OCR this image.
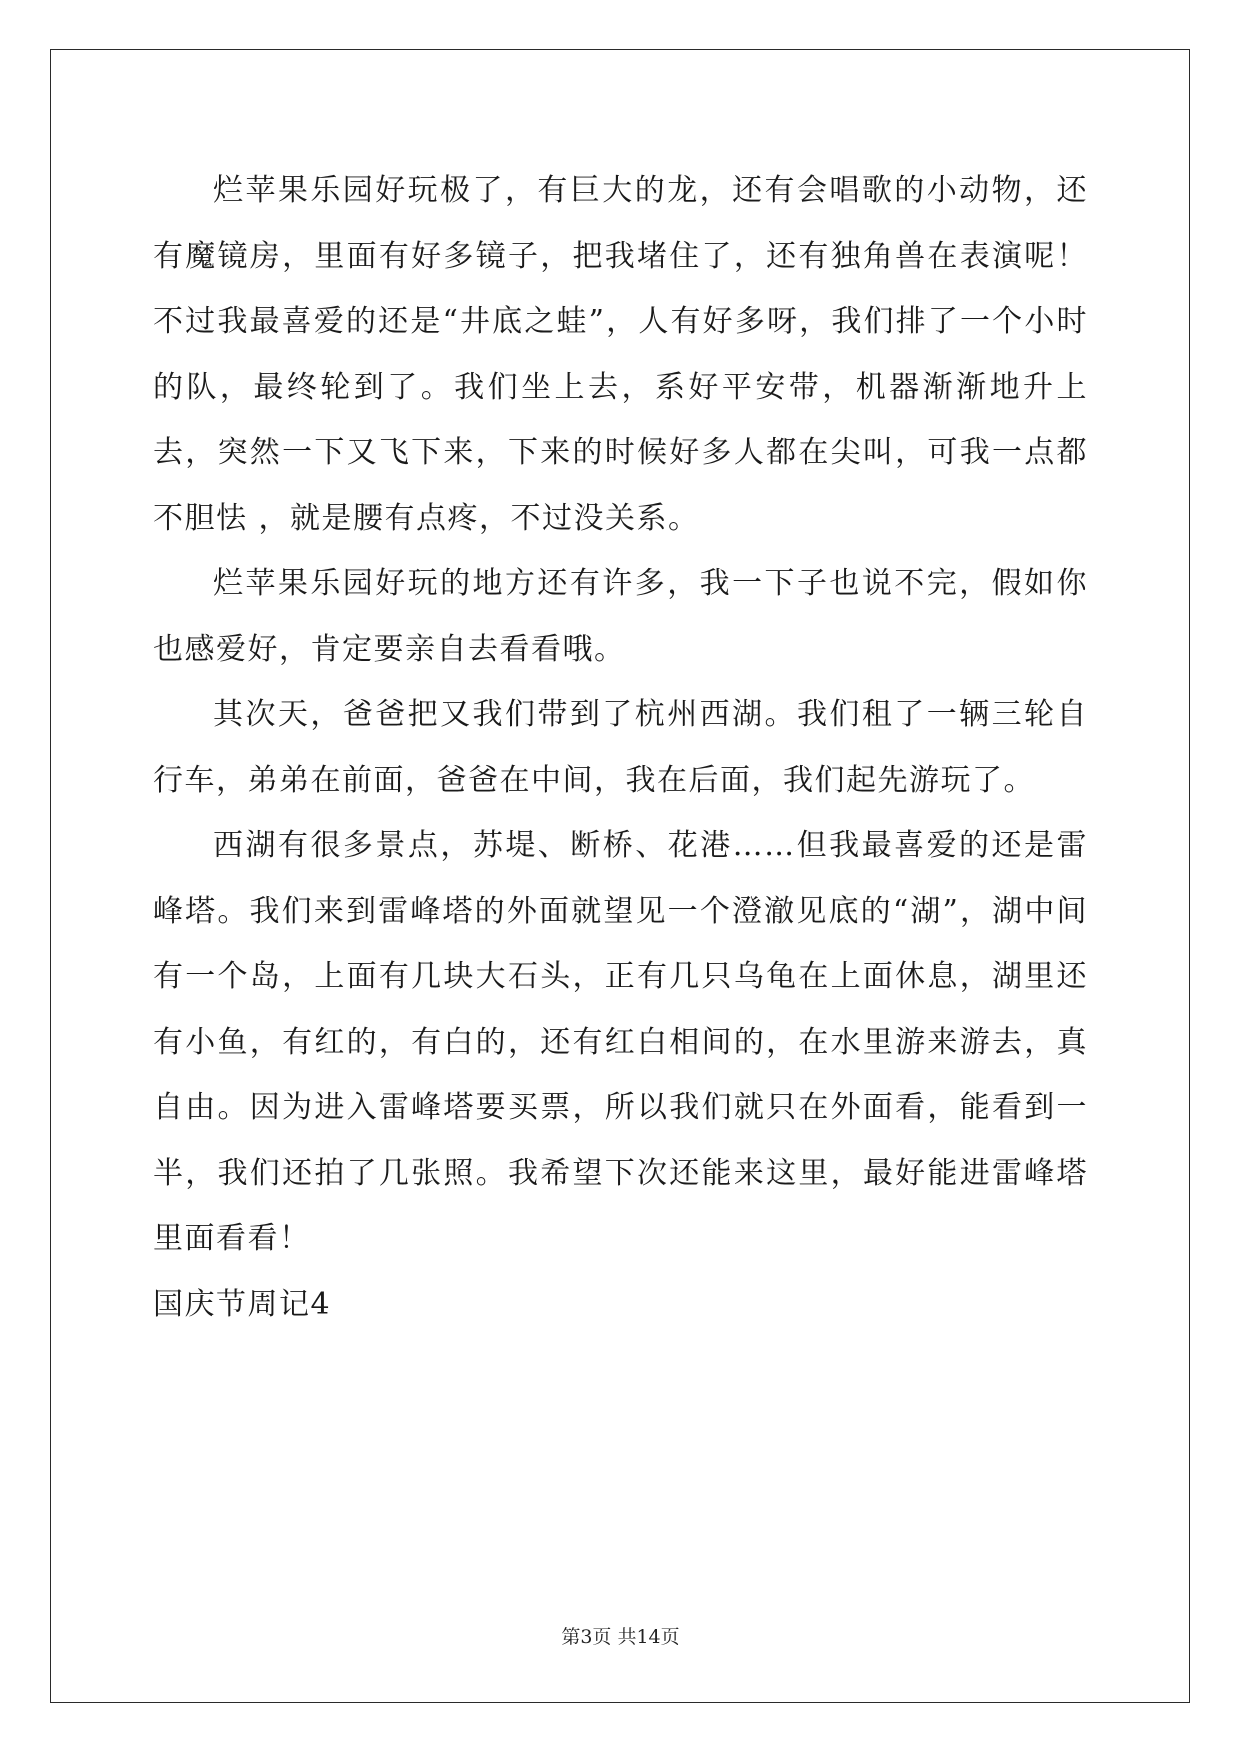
烂苹果乐园好玩极了，有巨大的龙，还有会唱歌的小动物，还有魔镜房，里面有好多镜子，把我堵住了，还有独角兽在表演呢！不过我最喜爱的还是“井底之蛙”，人有好多呀，我们排了一个小时的队，最终轮到了。我们坐上去，系好平安带，机器渐渐地升上去，突然一下又飞下来，下来的时候好多人都在尖叫，可我一点都不胆怯 ，就是腰有点疼，不过没关系。

烂苹果乐园好玩的地方还有许多，我一下子也说不完，假如你也感爱好，肯定要亲自去看看哦。

其次天，爸爸把又我们带到了杭州西湖。我们租了一辆三轮自行车，弟弟在前面，爸爸在中间，我在后面，我们起先游玩了。

西湖有很多景点，苏堤、断桥、花港……但我最喜爱的还是雷峰塔。我们来到雷峰塔的外面就望见一个澄澈见底的“湖”，湖中间有一个岛，上面有几块大石头，正有几只乌龟在上面休息，湖里还有小鱼，有红的，有白的，还有红白相间的，在水里游来游去，真自由。因为进入雷峰塔要买票，所以我们就只在外面看，能看到一半，我们还拍了几张照。我希望下次还能来这里，最好能进雷峰塔里面看看！

国庆节周记4

第3页 共14页
